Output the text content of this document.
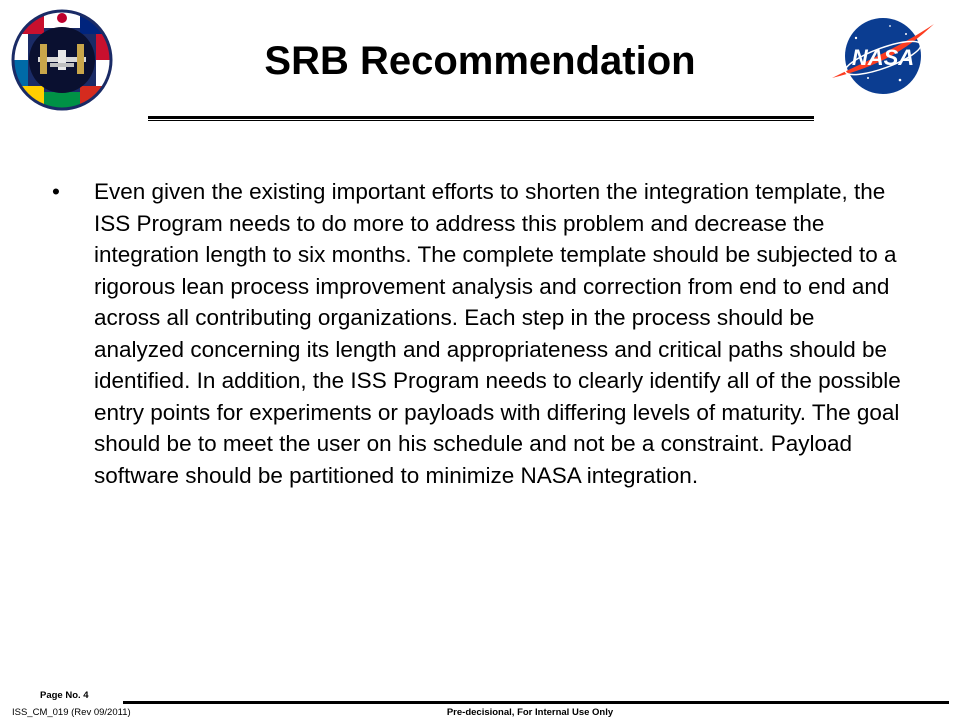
SRB Recommendation	NASA
•	Even given the existing important efforts to shorten the integration template, the ISS Program needs to do more to address this problem and decrease the integration length to six months. The complete template should be subjected to a rigorous lean process improvement analysis and correction from end to end and across all contributing organizations. Each step in the process should be analyzed concerning its length and appropriateness and critical paths should be identified. In addition, the ISS Program needs to clearly identify all of the possible entry points for experiments or payloads with differing levels of maturity. The goal should be to meet the user on his schedule and not be a constraint. Payload software should be partitioned to minimize NASA integration.

Page No. 4
ISS_CM_019 (Rev 09/2011)	Pre-decisional, For Internal Use Only
